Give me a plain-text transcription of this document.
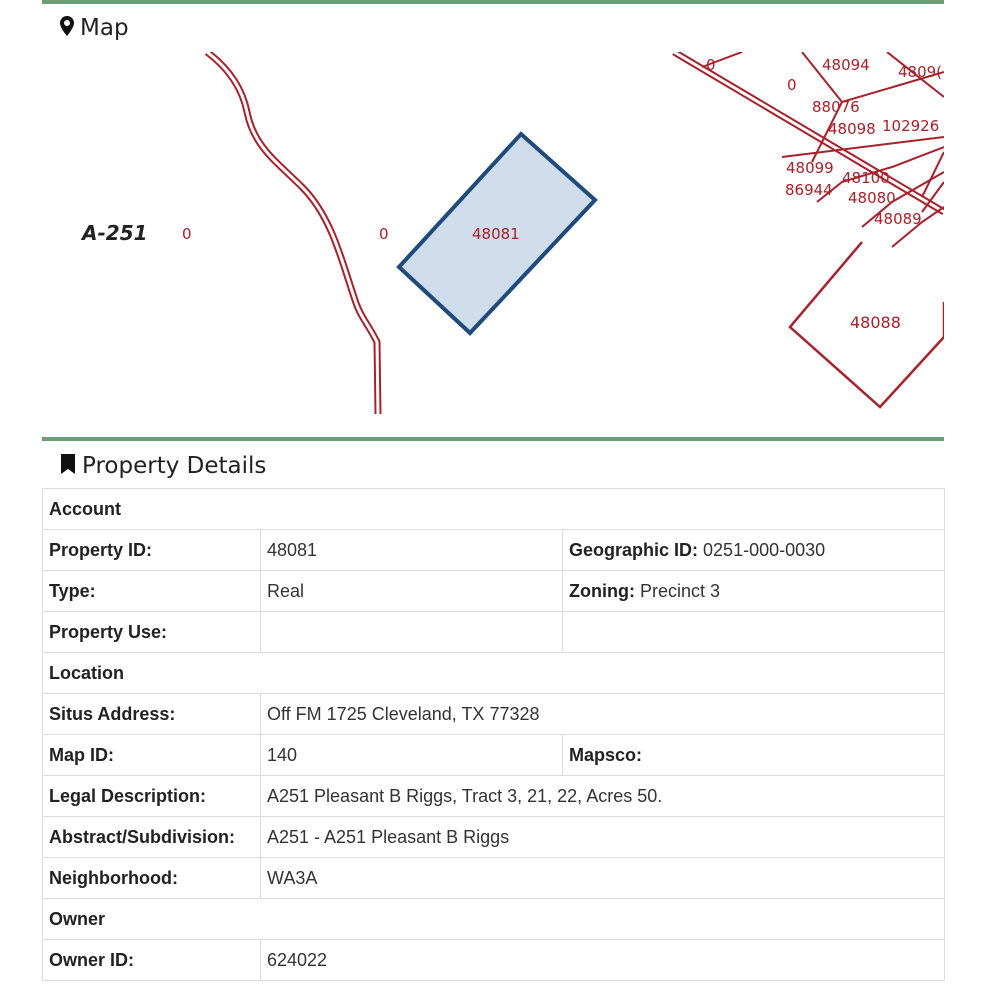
Map
48081
0	0
0
0
48094 4809(
88076
48098 102926
48099
48100
86944 48080
48089
48088
A-251
Property Details
Account		
Property ID:	48081	Geographic ID: 0251-000-0030
Type:	Real	Zoning: Precinct 3
Property Use:		
Location		
Situs Address:	Off FM 1725 Cleveland, TX 77328	
Map ID:	140	Mapsco:
Legal Description:	A251 Pleasant B Riggs, Tract 3, 21, 22, Acres 50.	
Abstract/Subdivision:	A251 - A251 Pleasant B Riggs	
Neighborhood:	WA3A	
Owner		
Owner ID:	624022	
